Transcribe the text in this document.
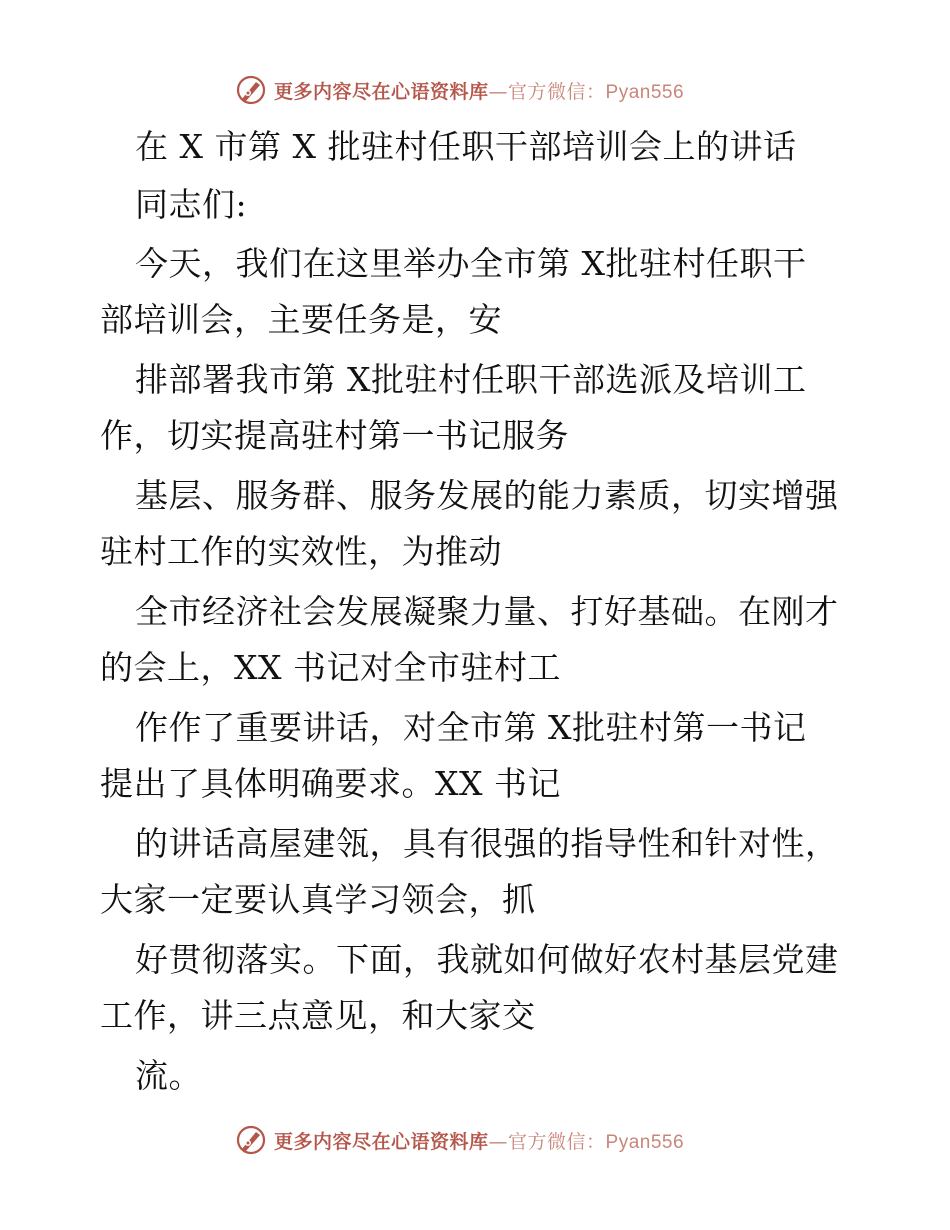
更多内容尽在心语资料库—官方微信：Pyan556
在 X 市第 X 批驻村任职干部培训会上的讲话
同志们:
今天，我们在这里举办全市第 X批驻村任职干
部培训会，主要任务是，安
排部署我市第 X批驻村任职干部选派及培训工
作，切实提高驻村第一书记服务
基层、服务群、服务发展的能力素质，切实增强
驻村工作的实效性，为推动
全市经济社会发展凝聚力量、打好基础。在刚才
的会上，XX 书记对全市驻村工
作作了重要讲话，对全市第 X批驻村第一书记
提出了具体明确要求。XX 书记
的讲话高屋建瓴，具有很强的指导性和针对性，
大家一定要认真学习领会，抓
好贯彻落实。下面，我就如何做好农村基层党建
工作，讲三点意见，和大家交
流。
更多内容尽在心语资料库—官方微信：Pyan556
